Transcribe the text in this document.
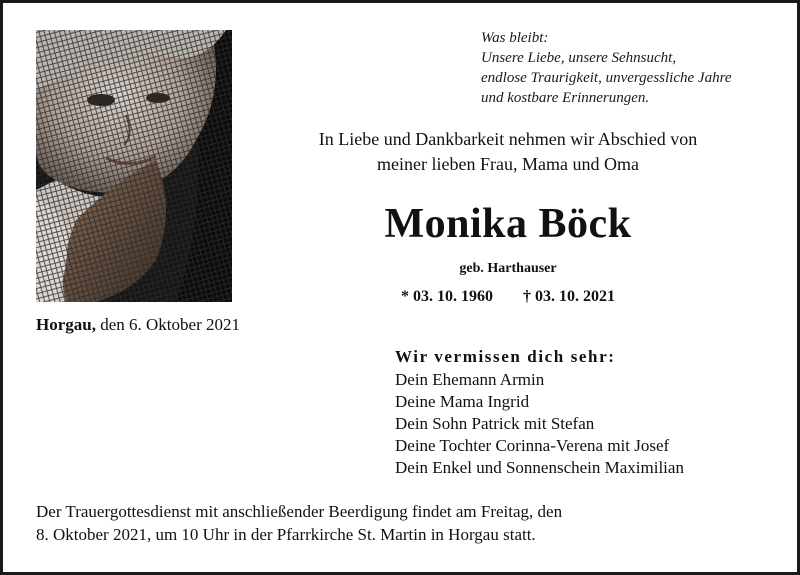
Was bleibt:
Unsere Liebe, unsere Sehnsucht,
endlose Traurigkeit, unvergessliche Jahre
und kostbare Erinnerungen.
In Liebe und Dankbarkeit nehmen wir Abschied von
meiner lieben Frau, Mama und Oma
Monika Böck
geb. Harthauser
* 03. 10. 1960 † 03. 10. 2021
Horgau, den 6. Oktober 2021
Wir vermissen dich sehr:
Dein Ehemann Armin
Deine Mama Ingrid
Dein Sohn Patrick mit Stefan
Deine Tochter Corinna-Verena mit Josef
Dein Enkel und Sonnenschein Maximilian
Der Trauergottesdienst mit anschließender Beerdigung findet am Freitag, den
8. Oktober 2021, um 10 Uhr in der Pfarrkirche St. Martin in Horgau statt.
